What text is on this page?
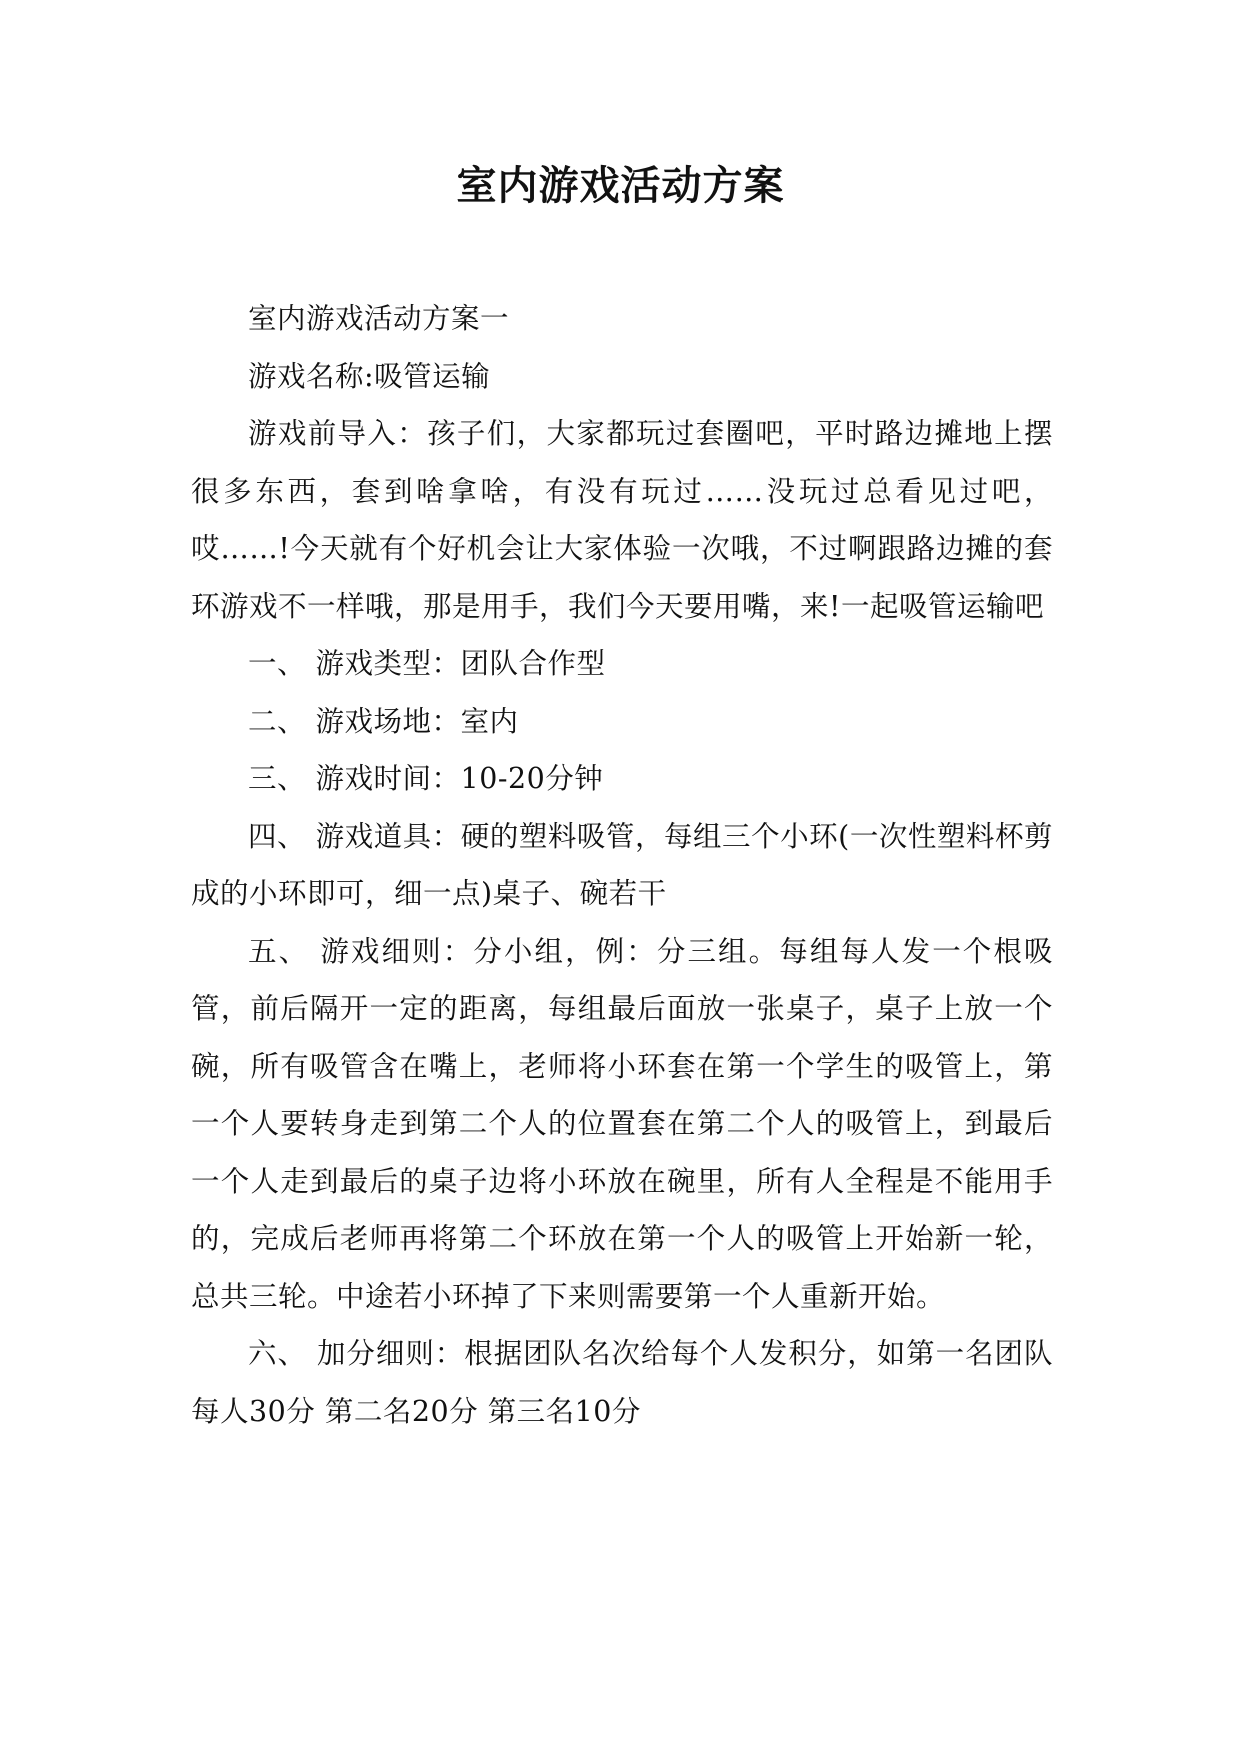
室内游戏活动方案

室内游戏活动方案一

游戏名称:吸管运输

游戏前导入：孩子们，大家都玩过套圈吧，平时路边摊地上摆很多东西，套到啥拿啥，有没有玩过……没玩过总看见过吧，哎……!今天就有个好机会让大家体验一次哦，不过啊跟路边摊的套环游戏不一样哦，那是用手，我们今天要用嘴，来!一起吸管运输吧

一、 游戏类型：团队合作型

二、 游戏场地：室内

三、 游戏时间：10-20分钟

四、 游戏道具：硬的塑料吸管，每组三个小环(一次性塑料杯剪成的小环即可，细一点)桌子、碗若干

五、 游戏细则：分小组，例：分三组。每组每人发一个根吸管，前后隔开一定的距离，每组最后面放一张桌子，桌子上放一个碗，所有吸管含在嘴上，老师将小环套在第一个学生的吸管上，第一个人要转身走到第二个人的位置套在第二个人的吸管上，到最后一个人走到最后的桌子边将小环放在碗里，所有人全程是不能用手的，完成后老师再将第二个环放在第一个人的吸管上开始新一轮，总共三轮。中途若小环掉了下来则需要第一个人重新开始。

六、 加分细则：根据团队名次给每个人发积分，如第一名团队每人30分 第二名20分 第三名10分
